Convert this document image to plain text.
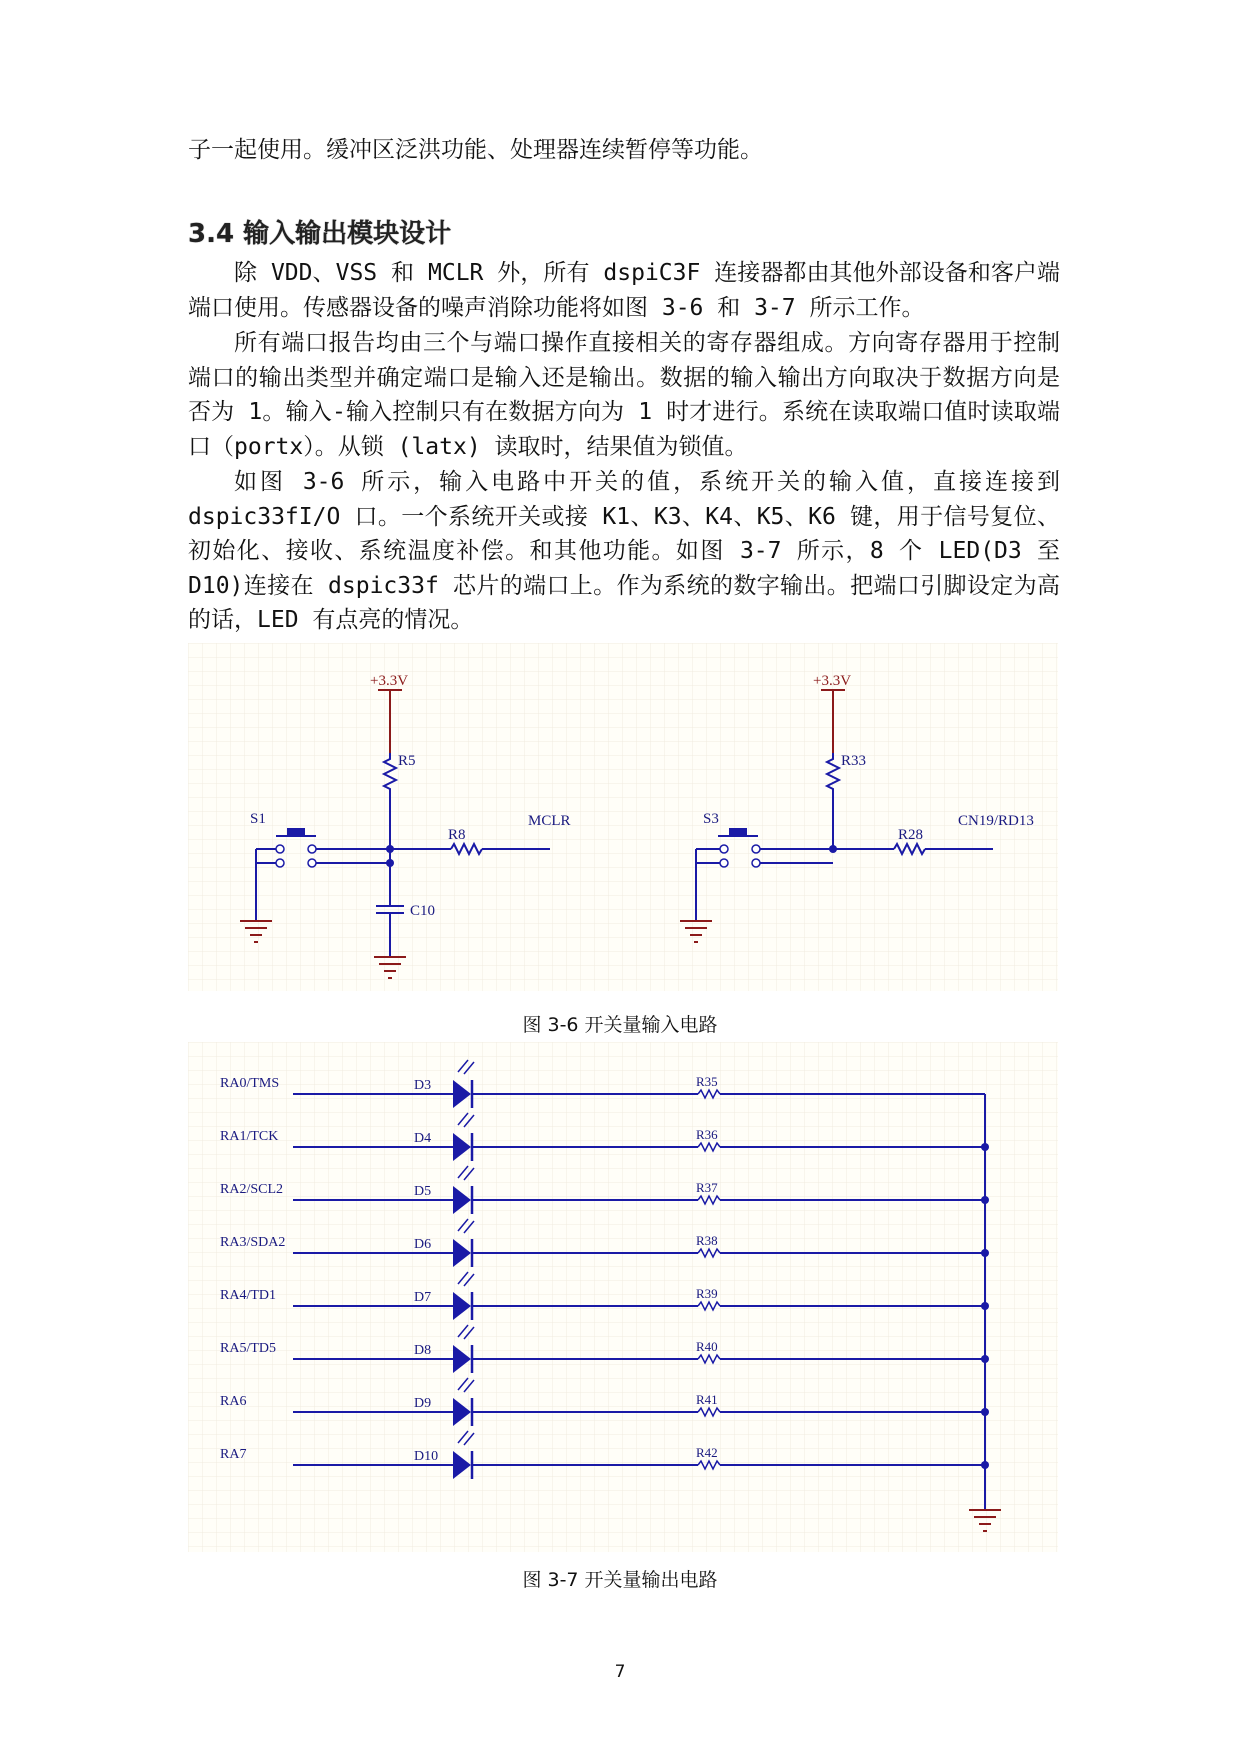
子一起使用。缓冲区泛洪功能、处理器连续暂停等功能。

3.4 输入输出模块设计

除 VDD、VSS 和 MCLR 外，所有 dspiC3F 连接器都由其他外部设备和客户端端口使用。传感器设备的噪声消除功能将如图 3-6 和 3-7 所示工作。

所有端口报告均由三个与端口操作直接相关的寄存器组成。方向寄存器用于控制端口的输出类型并确定端口是输入还是输出。数据的输入输出方向取决于数据方向是否为 1。输入-输入控制只有在数据方向为 1 时才进行。系统在读取端口值时读取端口（portx）。从锁 (latx) 读取时，结果值为锁值。

如图 3-6 所示，输入电路中开关的值，系统开关的输入值，直接连接到 dspic33fI/O 口。一个系统开关或接 K1、K3、K4、K5、K6 键，用于信号复位、初始化、接收、系统温度补偿。和其他功能。如图 3-7 所示，8 个 LED(D3 至 D10)连接在 dspic33f 芯片的端口上。作为系统的数字输出。把端口引脚设定为高的话，LED 有点亮的情况。

+3.3V
R5
S1
R8
MCLR
C10
+3.3V
R33
S3
R28
CN19/RD13

图 3-6 开关量输入电路

RA0/TMS	D3	R35
RA1/TCK	D4	R36
RA2/SCL2	D5	R37
RA3/SDA2	D6	R38
RA4/TD1	D7	R39
RA5/TD5	D8	R40
RA6	D9	R41
RA7	D10	R42

图 3-7 开关量输出电路

7
